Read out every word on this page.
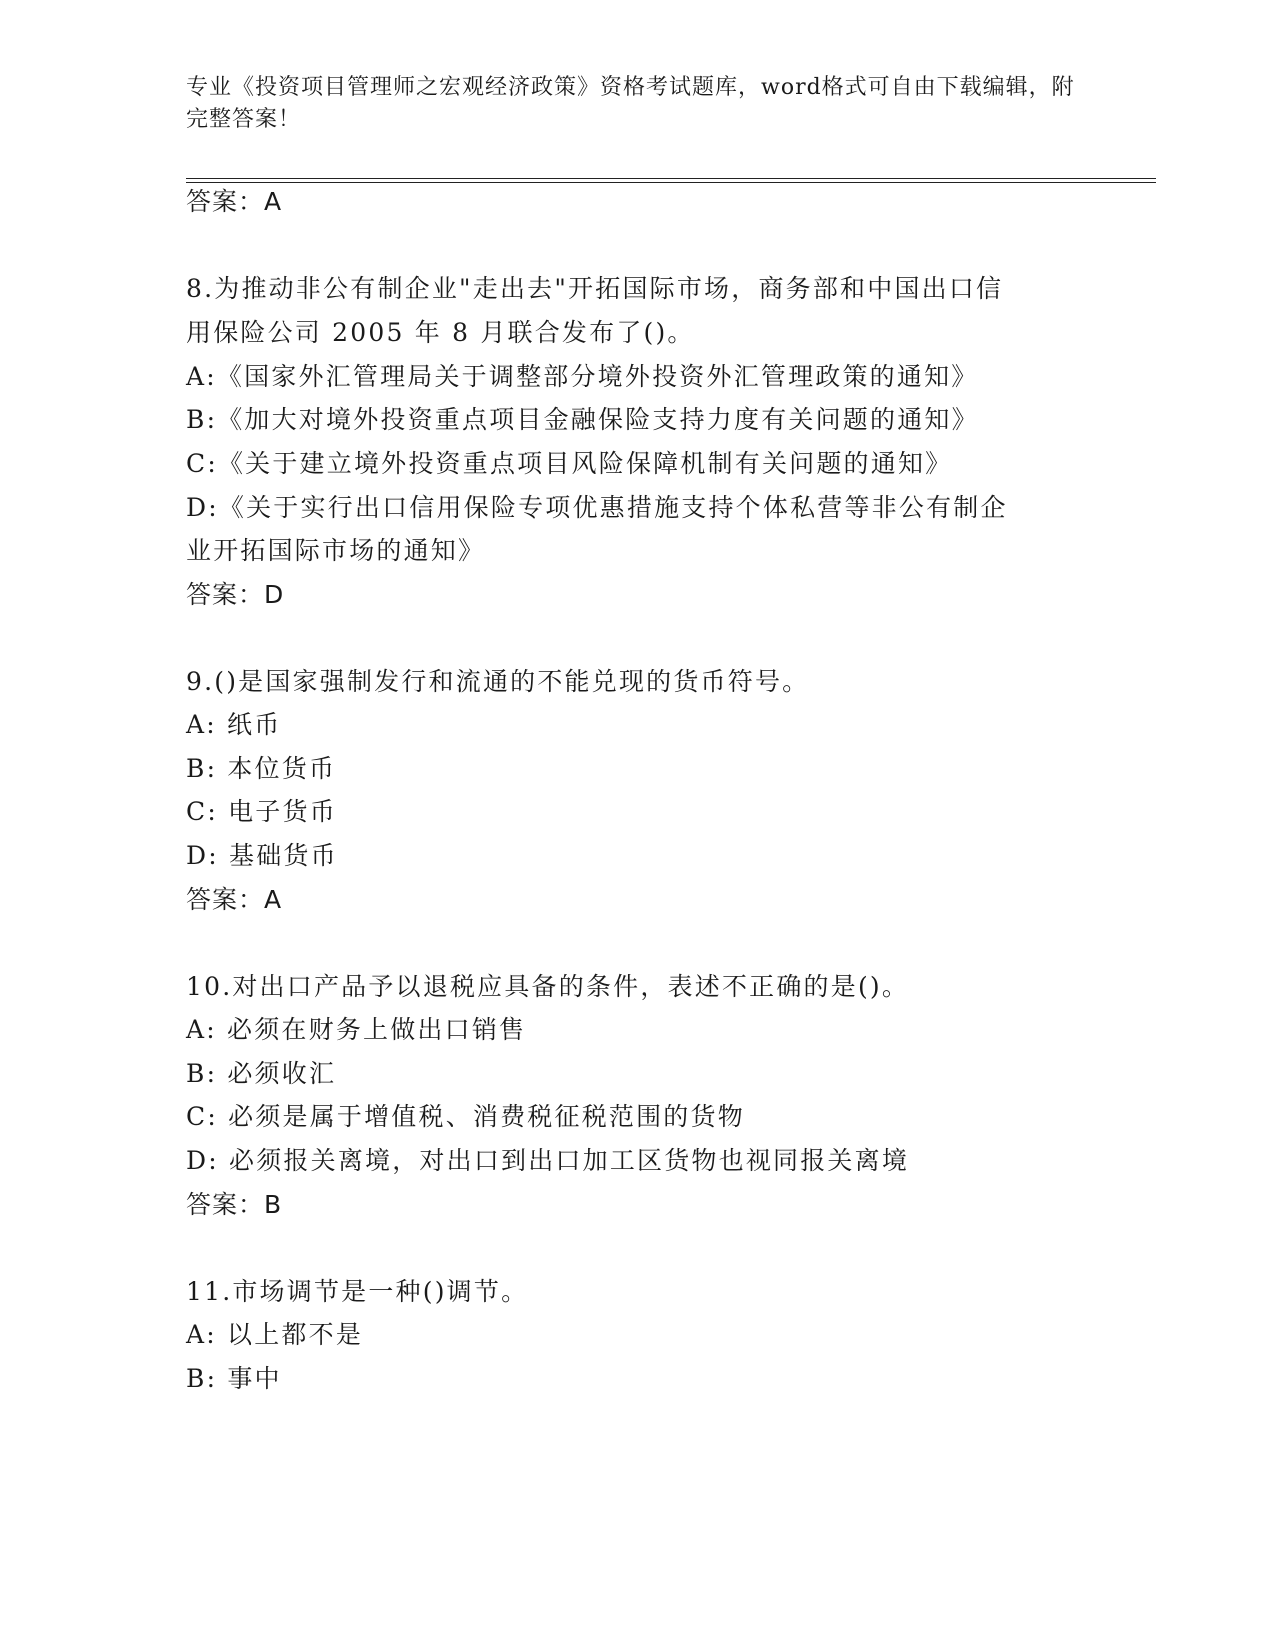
专业《投资项目管理师之宏观经济政策》资格考试题库，word格式可自由下载编辑，附完整答案！
答案：A
8.为推动非公有制企业"走出去"开拓国际市场，商务部和中国出口信
用保险公司 2005 年 8 月联合发布了()。
A:《国家外汇管理局关于调整部分境外投资外汇管理政策的通知》
B:《加大对境外投资重点项目金融保险支持力度有关问题的通知》
C:《关于建立境外投资重点项目风险保障机制有关问题的通知》
D:《关于实行出口信用保险专项优惠措施支持个体私营等非公有制企
业开拓国际市场的通知》
答案：D
9.()是国家强制发行和流通的不能兑现的货币符号。
A: 纸币
B: 本位货币
C: 电子货币
D: 基础货币
答案：A
10.对出口产品予以退税应具备的条件，表述不正确的是()。
A: 必须在财务上做出口销售
B: 必须收汇
C: 必须是属于增值税、消费税征税范围的货物
D: 必须报关离境，对出口到出口加工区货物也视同报关离境
答案：B
11.市场调节是一种()调节。
A: 以上都不是
B: 事中
